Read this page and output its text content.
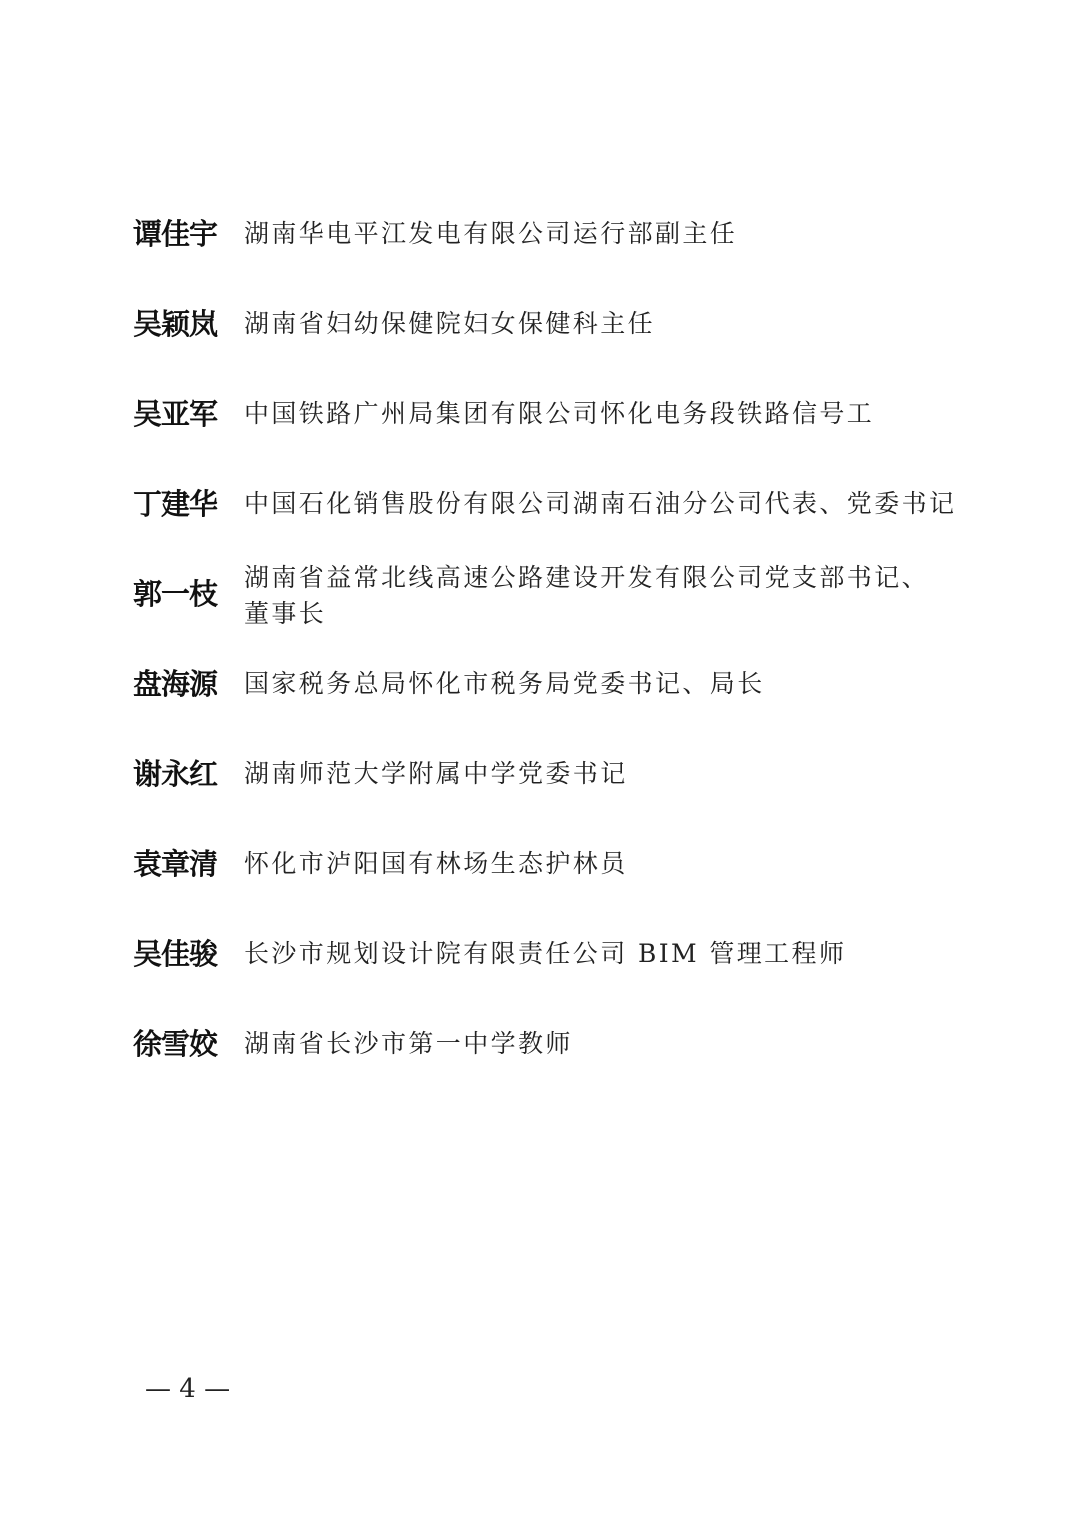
谭佳宇	湖南华电平江发电有限公司运行部副主任
吴颖岚	湖南省妇幼保健院妇女保健科主任
吴亚军	中国铁路广州局集团有限公司怀化电务段铁路信号工
丁建华	中国石化销售股份有限公司湖南石油分公司代表、党委书记
郭一枝	湖南省益常北线高速公路建设开发有限公司党支部书记、董事长
盘海源	国家税务总局怀化市税务局党委书记、局长
谢永红	湖南师范大学附属中学党委书记
袁章清	怀化市泸阳国有林场生态护林员
吴佳骏	长沙市规划设计院有限责任公司 BIM 管理工程师
徐雪姣	湖南省长沙市第一中学教师
— 4 —
